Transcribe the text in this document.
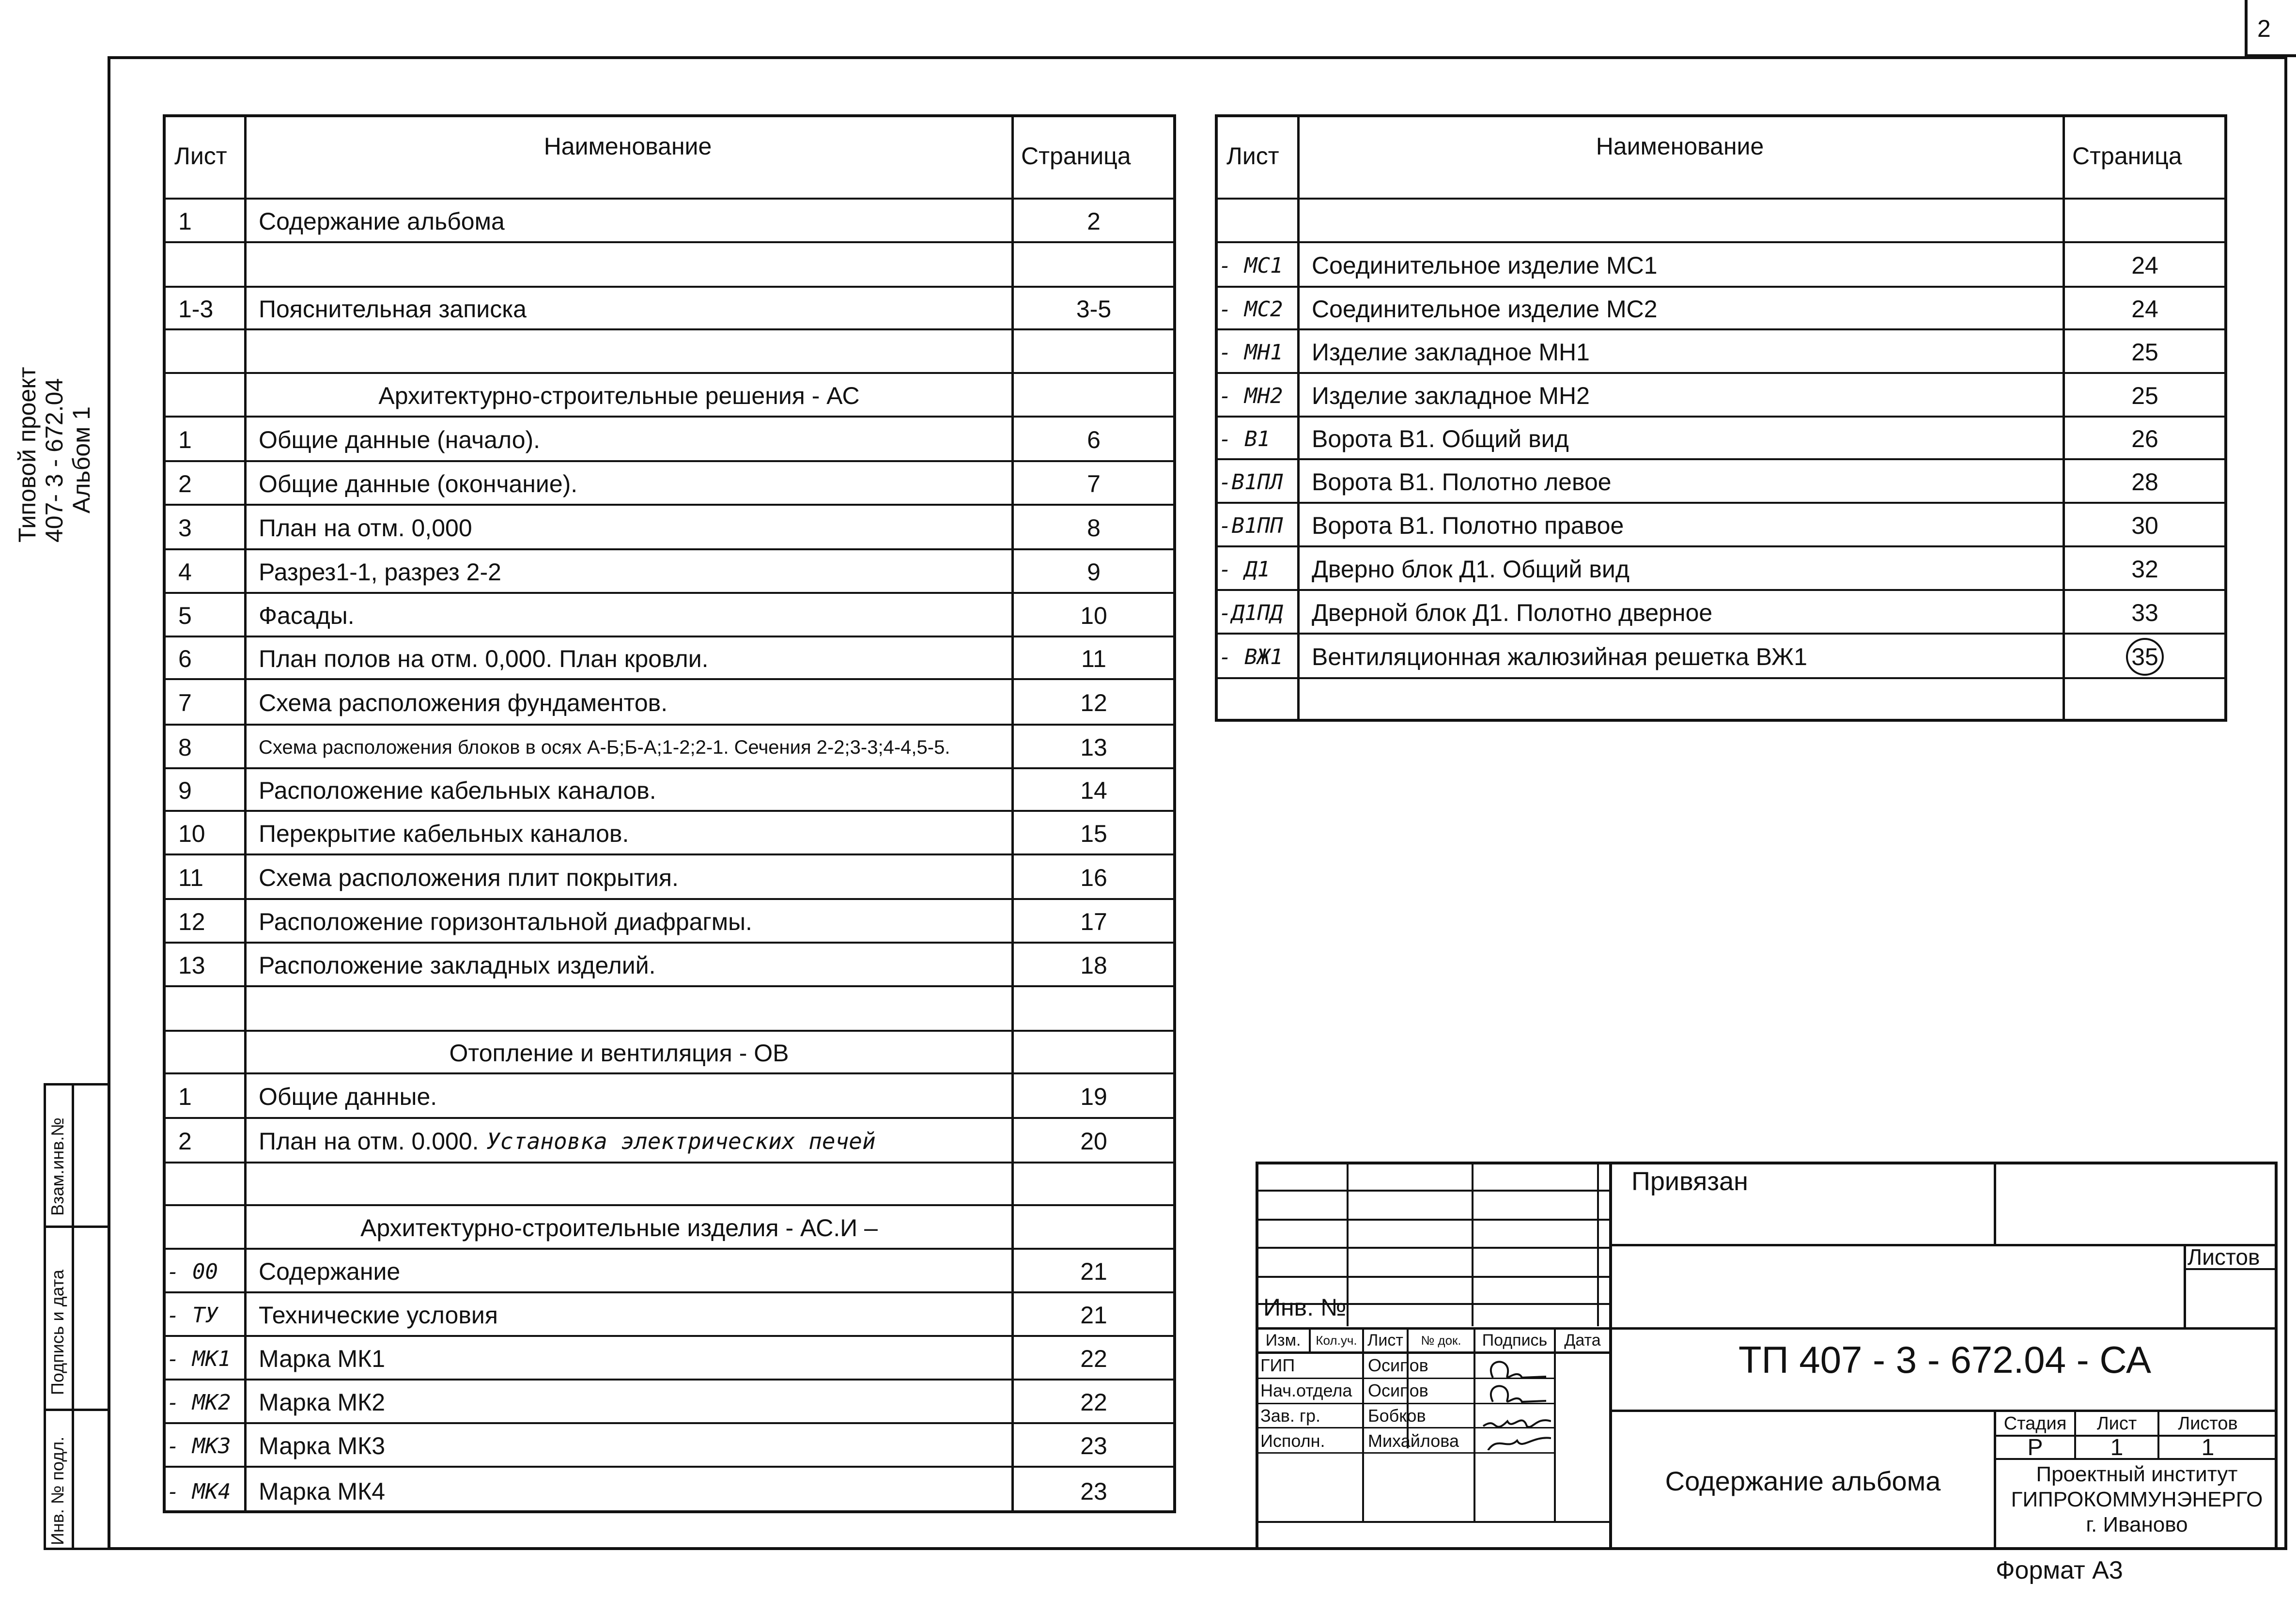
2
Типовой проект 407- 3 - 672.04 Альбом 1
Взам.инв.№
Подпись и дата
Инв. № подл.
Лист	Наименование	Страница
1	Содержание альбома	2
1-3	Пояснительная записка	3-5
Архитектурно-строительные решения - АС
1	Общие данные (начало).	6
2	Общие данные (окончание).	7
3	План на отм. 0,000	8
4	Разрез1-1, разрез 2-2	9
5	Фасады.	10
6	План полов на отм. 0,000. План кровли.	11
7	Схема расположения фундаментов.	12
8	Схема расположения блоков в осях А-Б;Б-А;1-2;2-1. Сечения 2-2;3-3;4-4,5-5.	13
9	Расположение кабельных каналов.	14
10	Перекрытие кабельных каналов.	15
11	Схема расположения плит покрытия.	16
12	Расположение горизонтальной диафрагмы.	17
13	Расположение закладных изделий.	18
Отопление и вентиляция - ОВ
1	Общие данные.	19
2	План на отм. 0.000. Установка электрических печей	20
Архитектурно-строительные изделия - АС.И –
- 00	Содержание	21
- ТУ	Технические условия	21
- МК1	Марка МК1	22
- МК2	Марка МК2	22
- МК3	Марка МК3	23
- МК4	Марка МК4	23
Лист	Наименование	Страница
- МС1	Соединительное изделие МС1	24
- МС2	Соединительное изделие МС2	24
- МН1	Изделие закладное МН1	25
- МН2	Изделие закладное МН2	25
- В1	Ворота В1. Общий вид	26
-В1ПЛ	Ворота В1. Полотно левое	28
-В1ПП	Ворота В1. Полотно правое	30
- Д1	Дверно блок Д1. Общий вид	32
-Д1ПД	Дверной блок Д1. Полотно дверное	33
- ВЖ1	Вентиляционная жалюзийная решетка ВЖ1	35
Инв. №
Привязан
Листов
ТП 407 - 3 - 672.04 - СА
Содержание альбома
Стадия	Лист	Листов
Р	1	1
Проектный институт
ГИПРОКОММУНЭНЕРГО
г. Иваново
Изм.	Кол.уч. Лист	№ док.	Подпись	Дата
ГИП	Осипов
Нач.отдела Осипов
Зав. гр.	Бобков
Исполн.	Михайлова
Формат А3
